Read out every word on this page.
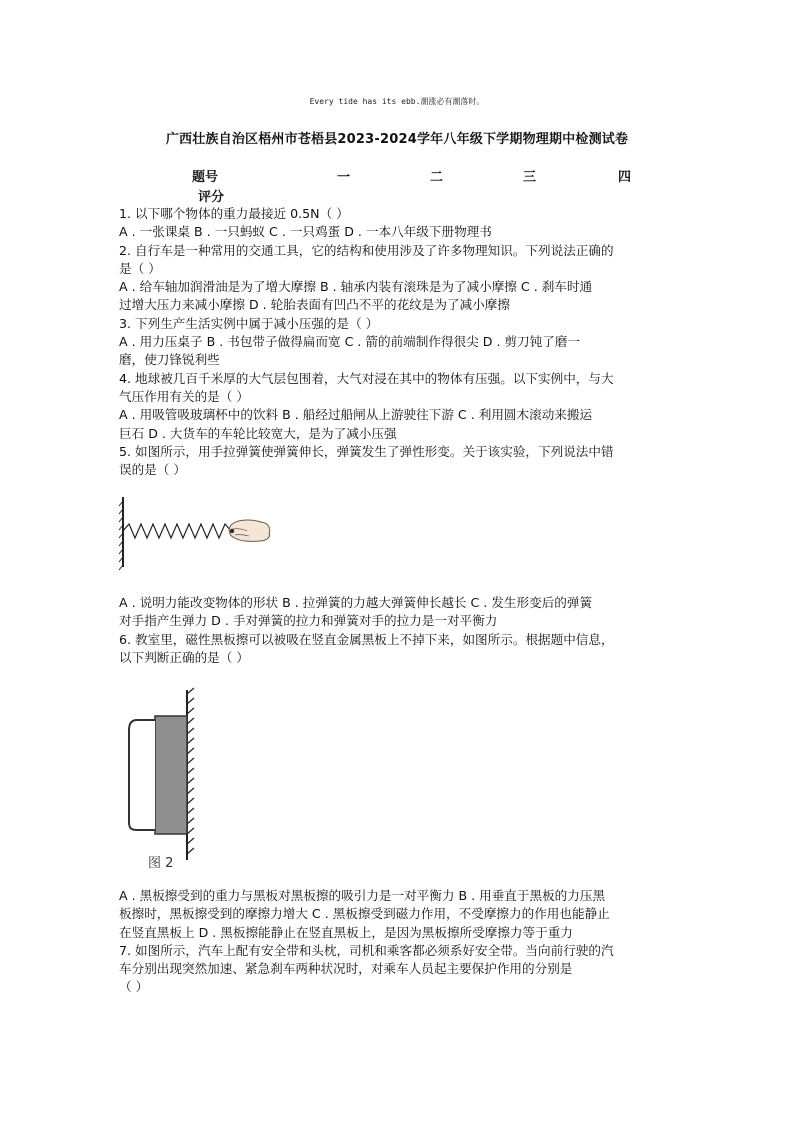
Every tide has its ebb.潮涨必有潮落时。
广西壮族自治区梧州市苍梧县2023-2024学年八年级下学期物理期中检测试卷
题号	一	二	三	四
评分
1. 以下哪个物体的重力最接近 0.5N（ ）
A . 一张课桌 B . 一只蚂蚁 C . 一只鸡蛋 D . 一本八年级下册物理书
2. 自行车是一种常用的交通工具，它的结构和使用涉及了许多物理知识。下列说法正确的
是（ ）
A . 给车轴加润滑油是为了增大摩擦 B . 轴承内装有滚珠是为了减小摩擦 C . 刹车时通
过增大压力来减小摩擦 D . 轮胎表面有凹凸不平的花纹是为了减小摩擦
3. 下列生产生活实例中属于减小压强的是（ ）
A . 用力压桌子 B . 书包带子做得扁而宽 C . 箭的前端制作得很尖 D . 剪刀钝了磨一
磨，使刀锋锐利些
4. 地球被几百千米厚的大气层包围着，大气对浸在其中的物体有压强。以下实例中，与大
气压作用有关的是（ ）
A . 用吸管吸玻璃杯中的饮料 B . 船经过船闸从上游驶往下游 C . 利用圆木滚动来搬运
巨石 D . 大货车的车轮比较宽大，是为了减小压强
5. 如图所示，用手拉弹簧使弹簧伸长，弹簧发生了弹性形变。关于该实验，下列说法中错
误的是（ ）
A . 说明力能改变物体的形状 B . 拉弹簧的力越大弹簧伸长越长 C . 发生形变后的弹簧
对手指产生弹力 D . 手对弹簧的拉力和弹簧对手的拉力是一对平衡力
6. 教室里，磁性黑板擦可以被吸在竖直金属黑板上不掉下来，如图所示。根据题中信息，
以下判断正确的是（ ）
图 2
A . 黑板擦受到的重力与黑板对黑板擦的吸引力是一对平衡力 B . 用垂直于黑板的力压黑
板擦时，黑板擦受到的摩擦力增大 C . 黑板擦受到磁力作用，不受摩擦力的作用也能静止
在竖直黑板上 D . 黑板擦能静止在竖直黑板上，是因为黑板擦所受摩擦力等于重力
7. 如图所示，汽车上配有安全带和头枕，司机和乘客都必须系好安全带。当向前行驶的汽
车分别出现突然加速、紧急刹车两种状况时，对乘车人员起主要保护作用的分别是
（ ）
